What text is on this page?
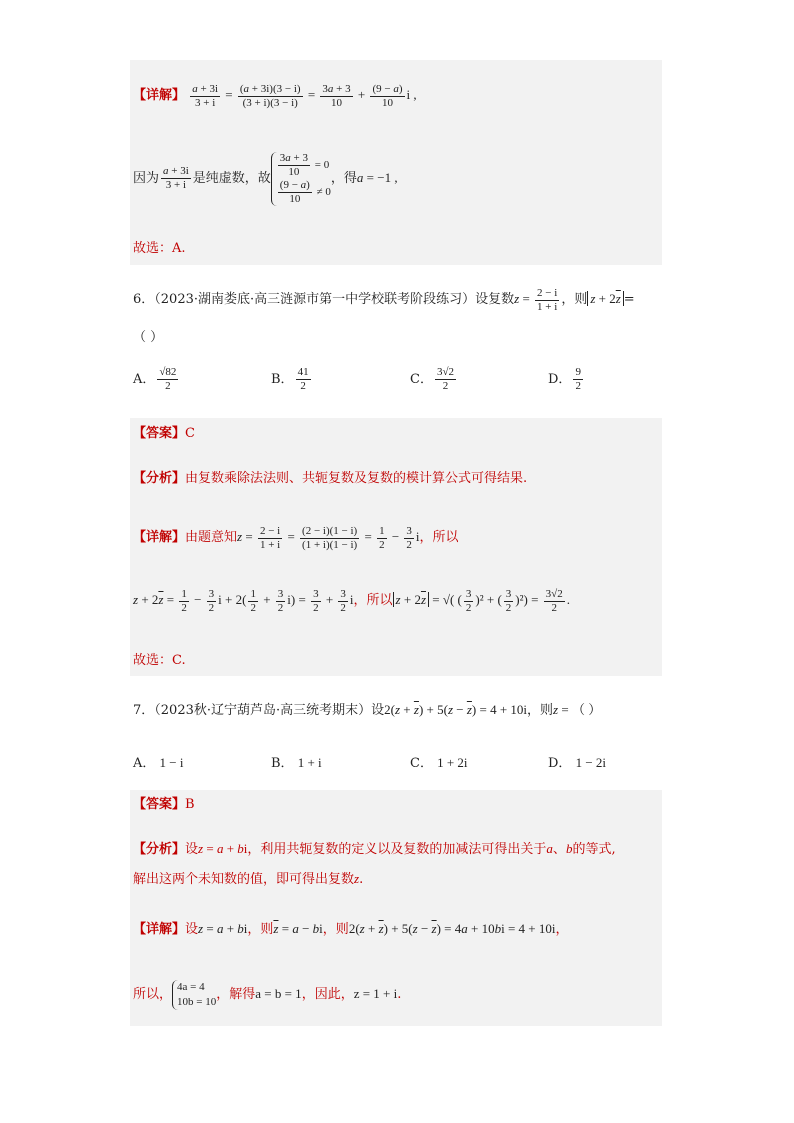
【详解】 $\frac{a + 3i}{3 + i} = \frac{(a + 3i)(3 - i)}{(3 + i)(3 - i)} = \frac{3a + 3}{10} + \frac{(9 - a)}{10}$ i ,
因为 $\frac{a + 3i}{3 + i}$ 是纯虚数，故 $\frac{3a + 3}{10} = 0$

$\frac{(9 - a)}{10} \ne 0$，得a = −1 ,
故选：A.
6．（2023·湖南娄底·高三涟源市第一中学校联考阶段练习）设复数$z = \frac{2 - i}{1 + i}$ ，则 $z + 2\overline{z}$ =
（ ）
A． $\frac{√82}{2}$	B． $\frac{41}{2}$	C． $\frac{3√2}{2}$	D． $\frac{9}{2}$
【答案】C
【分析】由复数乘除法法则、共轭复数及复数的模计算公式可得结果.
【详解】由题意知$z = \frac{2 - i}{1 + i} = \frac{(2 - i)(1 - i)}{(1 + i)(1 - i)} = \frac{1}{2} - \frac{3}{2}$ i，所以
$z + 2\overline{z} = \frac{1}{2} - \frac{3}{2}$ $i + 2( \frac{1}{2} + \frac{3}{2} i) = \frac{3}{2} + \frac{3}{2}$ i，所以 $z + 2\overline{z}$ = √( ( $\frac{3}{2} )^2$ + ( $\frac{3}{2} )^2) = \frac{3√2}{2}$ .
故选：C.
7．（2023秋·辽宁葫芦岛·高三统考期末）设$2(z + \overline{z}) + 5(z - \overline{z}) = 4 + 10i$，则z = （ ）
A． 1 − i	B． 1 + i	C． 1 + 2i	D． 1 − 2i
【答案】B
【分析】设z = a + bi，利用共轭复数的定义以及复数的加减法可得出关于a、b的等式,
解出这两个未知数的值，即可得出复数z.
【详解】设z = a + bi，则$\overline{z} = a$ − bi，则$2(z + \overline{z}) + 5(z - \overline{z}) = 4a + 10bi = 4 + 10i$，
所以，4a = 4
10b = 10，解得a = b = 1，因此，z = 1 + i.
